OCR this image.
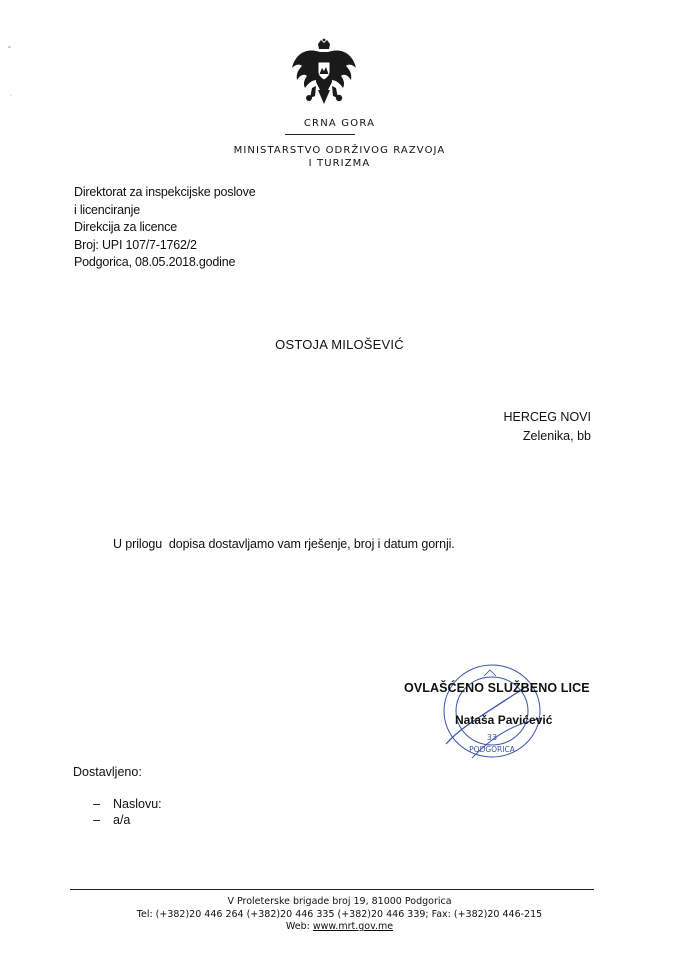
°
·
CRNA GORA
MINISTARSTVO ODRŽIVOG RAZVOJA
I TURIZMA
Direktorat za inspekcijske poslove
i licenciranje
Direkcija za licence
Broj: UPI 107/7-1762/2
Podgorica, 08.05.2018.godine
OSTOJA MILOŠEVIĆ
HERCEG NOVI
Zelenika, bb
U prilogu  dopisa dostavljamo vam rješenje, broj i datum gornji.
33
PODGORICA
OVLAŠĆENO SLUŽBENO LICE
Nataša Pavićević
Dostavljeno:
– Naslovu:
– a/a
V Proleterske brigade broj 19, 81000 Podgorica
Tel: (+382)20 446 264 (+382)20 446 335 (+382)20 446 339; Fax: (+382)20 446-215
Web: www.mrt.gov.me
